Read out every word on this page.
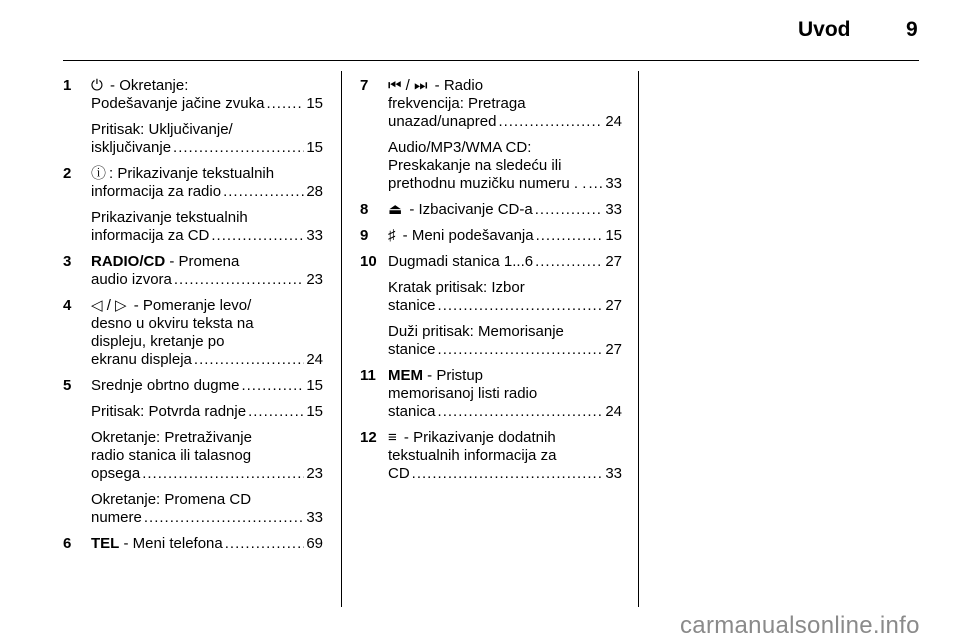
Uvod	9
1 ⏻ - Okretanje:
Podešavanje jačine zvuka .....	15
Pritisak: Uključivanje/
isključivanje .....	15
2 ⓘ : Prikazivanje tekstualnih
informacija za radio .....	28
Prikazivanje tekstualnih
informacija za CD .....	33
3 RADIO/CD - Promena
audio izvora .....	23
4 ◁ / ▷ - Pomeranje levo/
desno u okviru teksta na
displeju, kretanje po
ekranu displeja .....	24
5 Srednje obrtno dugme .....	15
Pritisak: Potvrda radnje .....	15
Okretanje: Pretraživanje
radio stanica ili talasnog
opsega .....	23
Okretanje: Promena CD
numere .....	33
6 TEL - Meni telefona .....	69
7 ⏮ / ⏭ - Radio
frekvencija: Pretraga
unazad/unapred .....	24
Audio/MP3/WMA CD:
Preskakanje na sledeću ili
prethodnu muzičku numeru . . ..... 33
8 ⏏ - Izbacivanje CD-a .....	33
9 ♯ - Meni podešavanja .....	15
10 Dugmadi stanica 1...6 .....	27
Kratak pritisak: Izbor
stanice .....	27
Duži pritisak: Memorisanje
stanice .....	27
11 MEM - Pristup
memorisanoj listi radio
stanica .....	24
12 ≡ - Prikazivanje dodatnih
tekstualnih informacija za
CD .....	33
carmanualsonline.info
